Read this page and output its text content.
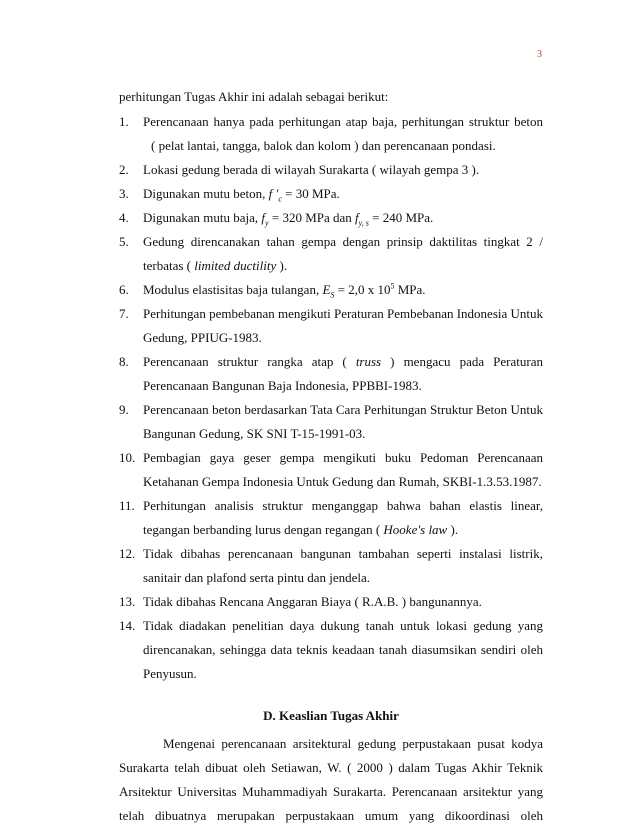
3

perhitungan Tugas Akhir ini adalah sebagai berikut:

1. Perencanaan hanya pada perhitungan atap baja, perhitungan struktur beton
( pelat lantai, tangga, balok dan kolom ) dan perencanaan pondasi.
2. Lokasi gedung berada di wilayah Surakarta ( wilayah gempa 3 ).
3. Digunakan mutu beton, f '$_c = 30$ MPa.
4. Digunakan mutu baja, $f_y = 320$ MPa dan $f_{y, s} = 240$ MPa.
5. Gedung direncanakan tahan gempa dengan prinsip daktilitas tingkat 2 /
terbatas ( limited ductility ).
6. Modulus elastisitas baja tulangan, $E_S = 2,0$ x $10^5$ MPa.
7. Perhitungan pembebanan mengikuti Peraturan Pembebanan Indonesia Untuk
Gedung, PPIUG-1983.
8. Perencanaan struktur rangka atap ( truss ) mengacu pada Peraturan
Perencanaan Bangunan Baja Indonesia, PPBBI-1983.
9. Perencanaan beton berdasarkan Tata Cara Perhitungan Struktur Beton Untuk
Bangunan Gedung, SK SNI T-15-1991-03.
10. Pembagian gaya geser gempa mengikuti buku Pedoman Perencanaan
Ketahanan Gempa Indonesia Untuk Gedung dan Rumah, SKBI-1.3.53.1987.
11. Perhitungan analisis struktur menganggap bahwa bahan elastis linear,
tegangan berbanding lurus dengan regangan ( Hooke's law ).
12. Tidak dibahas perencanaan bangunan tambahan seperti instalasi listrik,
sanitair dan plafond serta pintu dan jendela.
13. Tidak dibahas Rencana Anggaran Biaya ( R.A.B. ) bangunannya.
14. Tidak diadakan penelitian daya dukung tanah untuk lokasi gedung yang
direncanakan, sehingga data teknis keadaan tanah diasumsikan sendiri oleh
Penyusun.
D. Keaslian Tugas Akhir
Mengenai perencanaan arsitektural gedung perpustakaan pusat kodya
Surakarta telah dibuat oleh Setiawan, W. ( 2000 ) dalam Tugas Akhir Teknik
Arsitektur Universitas Muhammadiyah Surakarta. Perencanaan arsitektur yang
telah dibuatnya merupakan perpustakaan umum yang dikoordinasi oleh
